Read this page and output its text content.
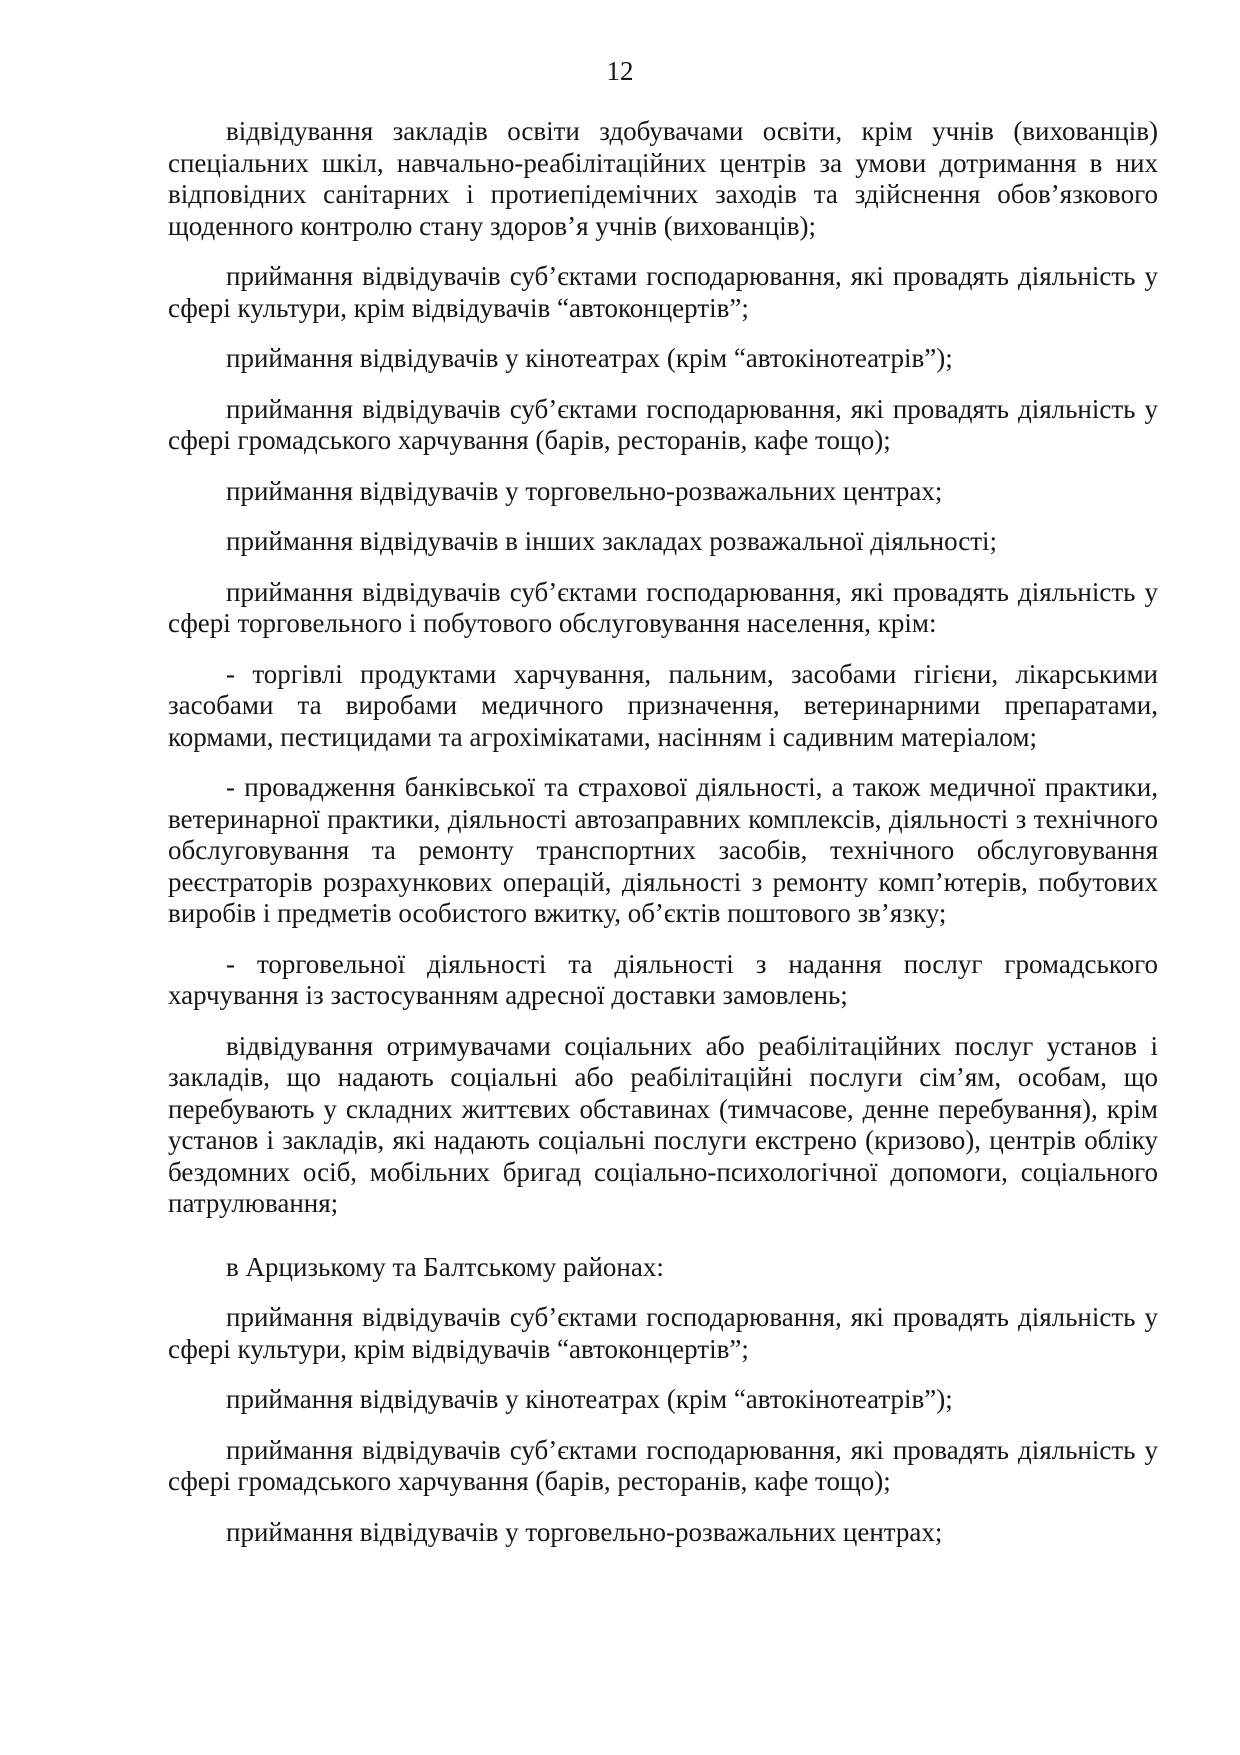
12

відвідування закладів освіти здобувачами освіти, крім учнів (вихованців) спеціальних шкіл, навчально-реабілітаційних центрів за умови дотримання в них відповідних санітарних і протиепідемічних заходів та здійснення обов’язкового щоденного контролю стану здоров’я учнів (вихованців);

приймання відвідувачів суб’єктами господарювання, які провадять діяльність у сфері культури, крім відвідувачів “автоконцертів”;

приймання відвідувачів у кінотеатрах (крім “автокінотеатрів”);

приймання відвідувачів суб’єктами господарювання, які провадять діяльність у сфері громадського харчування (барів, ресторанів, кафе тощо);

приймання відвідувачів у торговельно-розважальних центрах;

приймання відвідувачів в інших закладах розважальної діяльності;

приймання відвідувачів суб’єктами господарювання, які провадять діяльність у сфері торговельного і побутового обслуговування населення, крім:

- торгівлі продуктами харчування, пальним, засобами гігієни, лікарськими засобами та виробами медичного призначення, ветеринарними препаратами, кормами, пестицидами та агрохімікатами, насінням і садивним матеріалом;

- провадження банківської та страхової діяльності, а також медичної практики, ветеринарної практики, діяльності автозаправних комплексів, діяльності з технічного обслуговування та ремонту транспортних засобів, технічного обслуговування реєстраторів розрахункових операцій, діяльності з ремонту комп’ютерів, побутових виробів і предметів особистого вжитку, об’єктів поштового зв’язку;

- торговельної діяльності та діяльності з надання послуг громадського харчування із застосуванням адресної доставки замовлень;

відвідування отримувачами соціальних або реабілітаційних послуг установ і закладів, що надають соціальні або реабілітаційні послуги сім’ям, особам, що перебувають у складних життєвих обставинах (тимчасове, денне перебування), крім установ і закладів, які надають соціальні послуги екстрено (кризово), центрів обліку бездомних осіб, мобільних бригад соціально-психологічної допомоги, соціального патрулювання;

в Арцизькому та Балтському районах:

приймання відвідувачів суб’єктами господарювання, які провадять діяльність у сфері культури, крім відвідувачів “автоконцертів”;

приймання відвідувачів у кінотеатрах (крім “автокінотеатрів”);

приймання відвідувачів суб’єктами господарювання, які провадять діяльність у сфері громадського харчування (барів, ресторанів, кафе тощо);

приймання відвідувачів у торговельно-розважальних центрах;
